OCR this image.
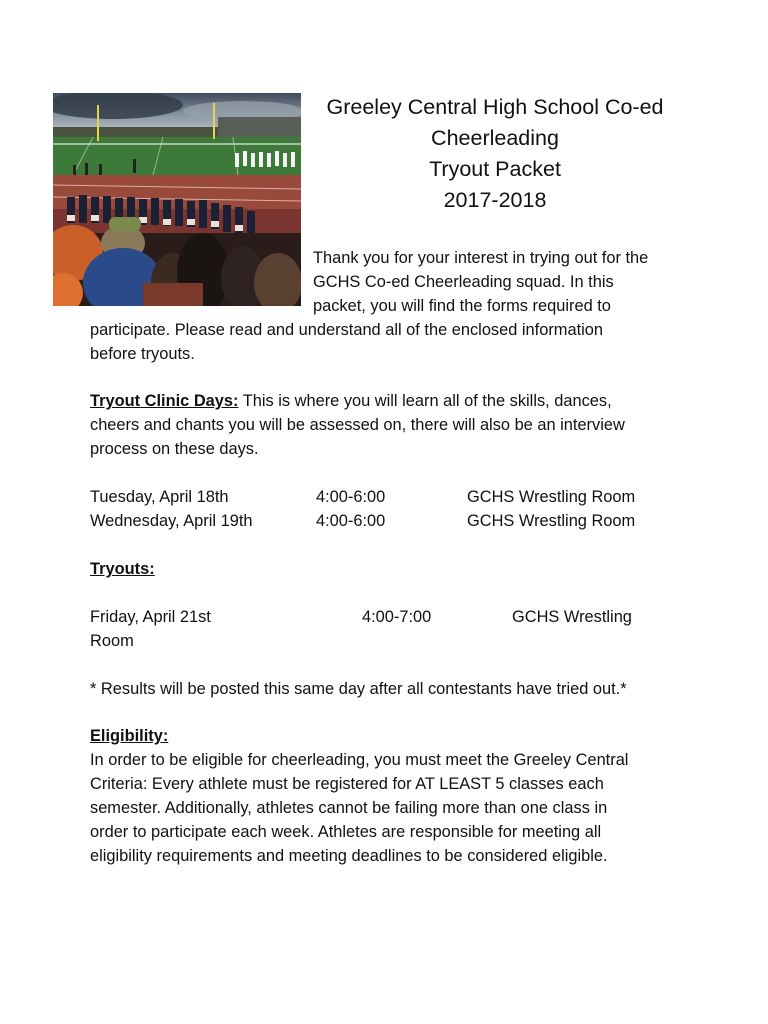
Greeley Central High School Co-ed
Cheerleading
Tryout Packet
2017-2018
Thank you for your interest in trying out for the
GCHS Co-ed Cheerleading squad. In this
packet, you will find the forms required to
participate. Please read and understand all of the enclosed information
before tryouts.
Tryout Clinic Days: This is where you will learn all of the skills, dances,
cheers and chants you will be assessed on, there will also be an interview
process on these days.
Tuesday, April 18th	4:00-6:00	GCHS Wrestling Room
Wednesday, April 19th	4:00-6:00	GCHS Wrestling Room
Tryouts:
Friday, April 21st	4:00-7:00	GCHS Wrestling
Room
* Results will be posted this same day after all contestants have tried out.*
Eligibility:
In order to be eligible for cheerleading, you must meet the Greeley Central
Criteria: Every athlete must be registered for AT LEAST 5 classes each
semester. Additionally, athletes cannot be failing more than one class in
order to participate each week. Athletes are responsible for meeting all
eligibility requirements and meeting deadlines to be considered eligible.
